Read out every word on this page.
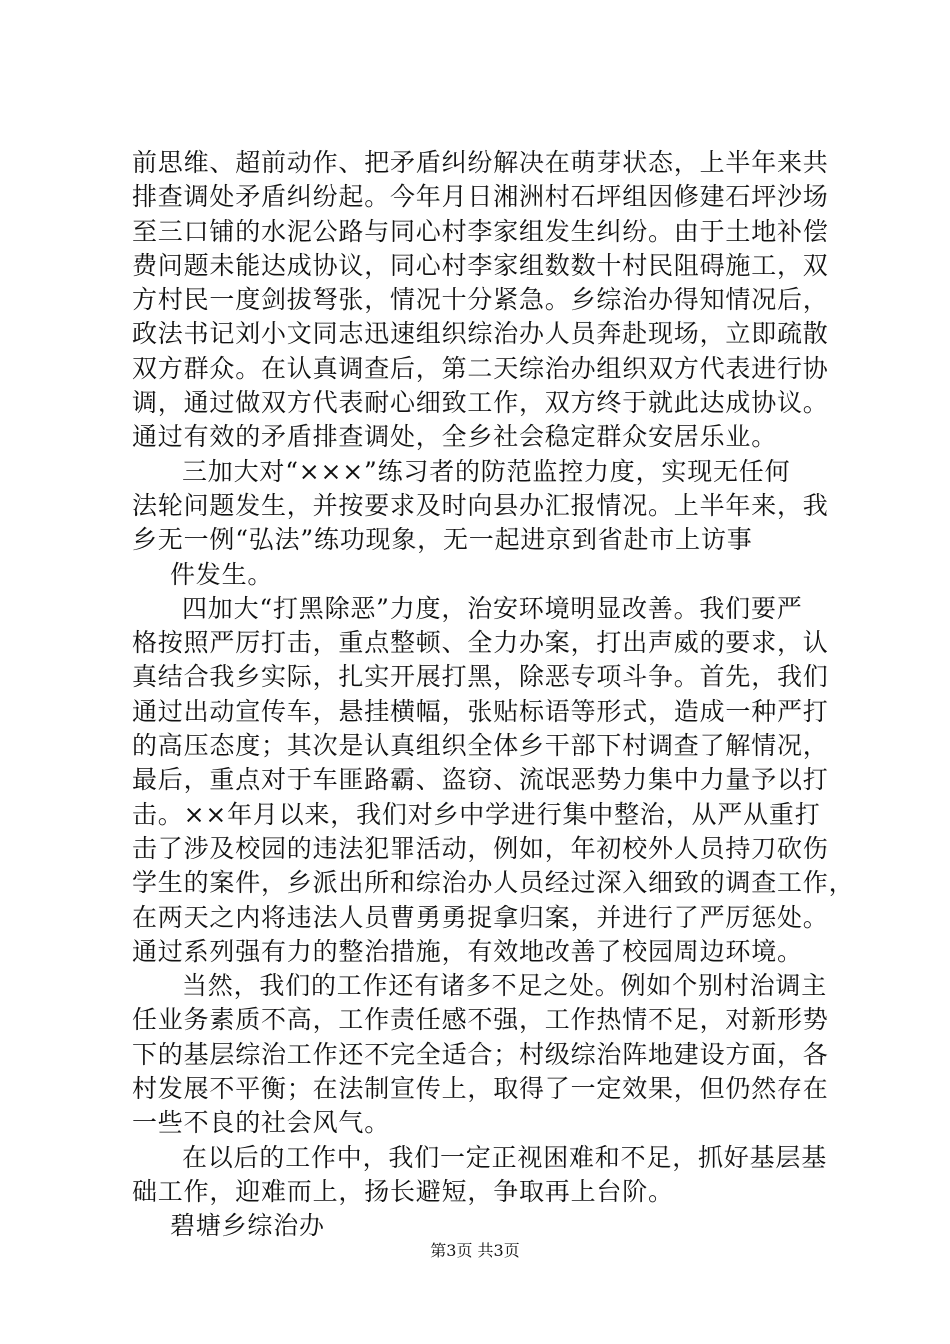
前思维、超前动作、把矛盾纠纷解决在萌芽状态，上半年来共
排查调处矛盾纠纷起。今年月日湘洲村石坪组因修建石坪沙场
至三口铺的水泥公路与同心村李家组发生纠纷。由于土地补偿
费问题未能达成协议，同心村李家组数数十村民阻碍施工，双
方村民一度剑拔弩张，情况十分紧急。乡综治办得知情况后，
政法书记刘小文同志迅速组织综治办人员奔赴现场，立即疏散
双方群众。在认真调查后，第二天综治办组织双方代表进行协
调，通过做双方代表耐心细致工作，双方终于就此达成协议。
通过有效的矛盾排查调处，全乡社会稳定群众安居乐业。
三加大对“×××”练习者的防范监控力度，实现无任何
法轮问题发生，并按要求及时向县办汇报情况。上半年来，我
乡无一例“弘法”练功现象，无一起进京到省赴市上访事
件发生。
四加大“打黑除恶”力度，治安环境明显改善。我们要严
格按照严厉打击，重点整顿、全力办案，打出声威的要求，认
真结合我乡实际，扎实开展打黑，除恶专项斗争。首先，我们
通过出动宣传车，悬挂横幅，张贴标语等形式，造成一种严打
的高压态度；其次是认真组织全体乡干部下村调查了解情况，
最后，重点对于车匪路霸、盗窃、流氓恶势力集中力量予以打
击。××年月以来，我们对乡中学进行集中整治，从严从重打
击了涉及校园的违法犯罪活动，例如，年初校外人员持刀砍伤
学生的案件，乡派出所和综治办人员经过深入细致的调查工作，
在两天之内将违法人员曹勇勇捉拿归案，并进行了严厉惩处。
通过系列强有力的整治措施，有效地改善了校园周边环境。
当然，我们的工作还有诸多不足之处。例如个别村治调主
任业务素质不高，工作责任感不强，工作热情不足，对新形势
下的基层综治工作还不完全适合；村级综治阵地建设方面，各
村发展不平衡；在法制宣传上，取得了一定效果，但仍然存在
一些不良的社会风气。
在以后的工作中，我们一定正视困难和不足，抓好基层基
础工作，迎难而上，扬长避短，争取再上台阶。
碧塘乡综治办
第3页 共3页
